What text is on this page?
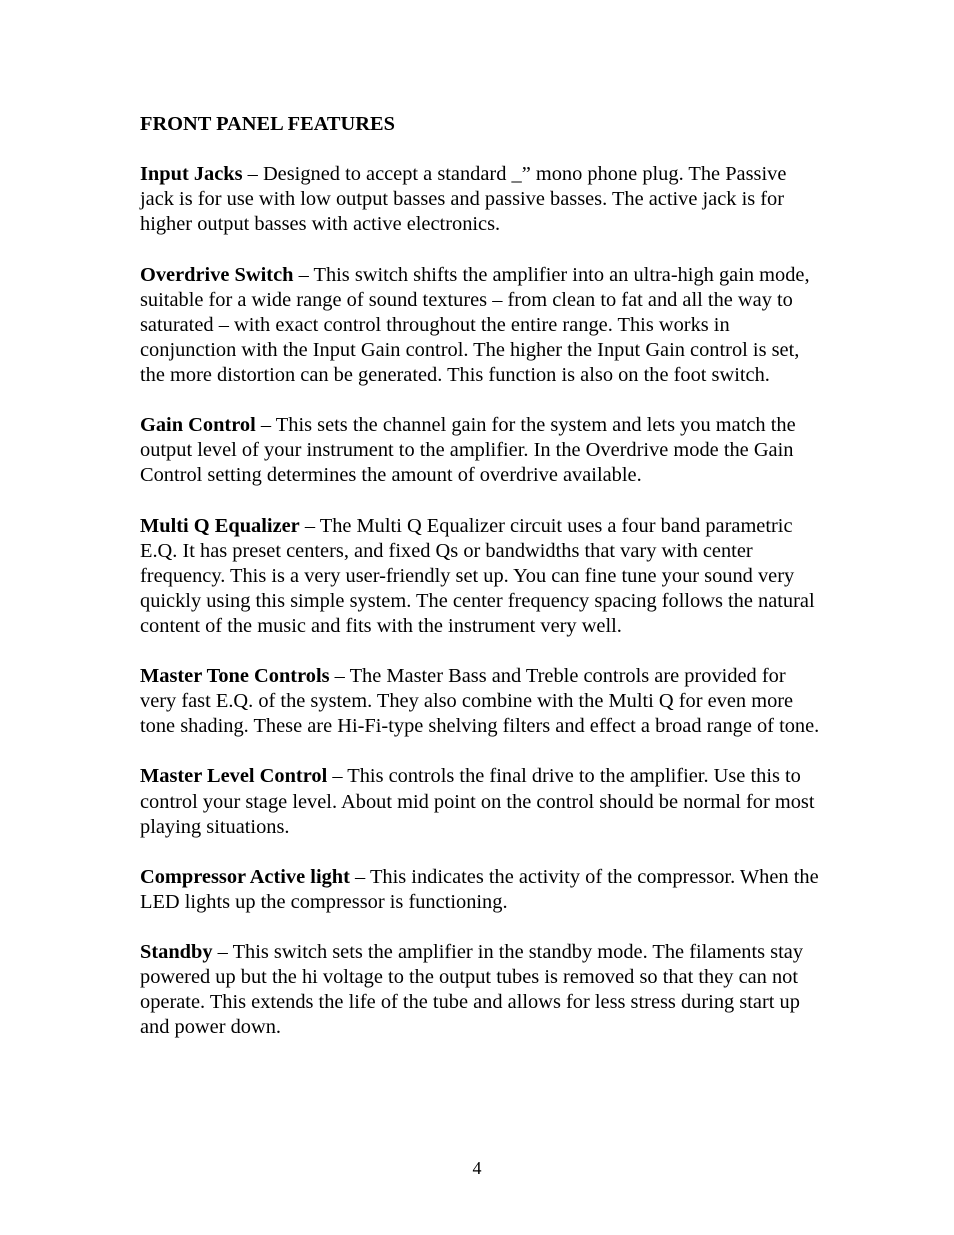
FRONT PANEL FEATURES

Input Jacks – Designed to accept a standard _” mono phone plug. The Passive jack is for use with low output basses and passive basses. The active jack is for higher output basses with active electronics.

Overdrive Switch – This switch shifts the amplifier into an ultra-high gain mode, suitable for a wide range of sound textures – from clean to fat and all the way to saturated – with exact control throughout the entire range. This works in conjunction with the Input Gain control. The higher the Input Gain control is set, the more distortion can be generated. This function is also on the foot switch.

Gain Control – This sets the channel gain for the system and lets you match the output level of your instrument to the amplifier. In the Overdrive mode the Gain Control setting determines the amount of overdrive available.

Multi Q Equalizer – The Multi Q Equalizer circuit uses a four band parametric E.Q. It has preset centers, and fixed Qs or bandwidths that vary with center frequency. This is a very user-friendly set up. You can fine tune your sound very quickly using this simple system. The center frequency spacing follows the natural content of the music and fits with the instrument very well.

Master Tone Controls – The Master Bass and Treble controls are provided for very fast E.Q. of the system. They also combine with the Multi Q for even more tone shading. These are Hi-Fi-type shelving filters and effect a broad range of tone.

Master Level Control – This controls the final drive to the amplifier. Use this to control your stage level. About mid point on the control should be normal for most playing situations.

Compressor Active light – This indicates the activity of the compressor. When the LED lights up the compressor is functioning.

Standby – This switch sets the amplifier in the standby mode. The filaments stay powered up but the hi voltage to the output tubes is removed so that they can not operate. This extends the life of the tube and allows for less stress during start up and power down.

4
